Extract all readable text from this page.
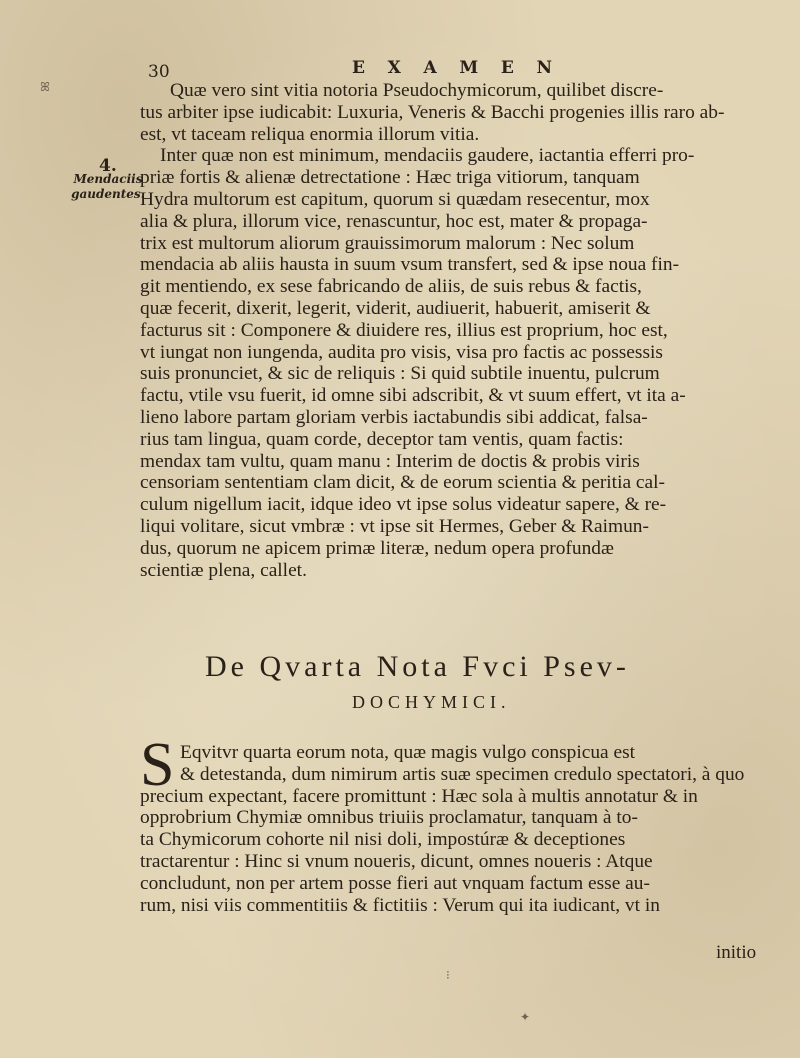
30	E X A M E N
4.
Mendaciis
gaudentes.
Quæ vero sint vitia notoria Pseudochymicorum, quilibet discre-
tus arbiter ipse iudicabit: Luxuria, Veneris & Bacchi progenies illis raro ab-
est, vt taceam reliqua enormia illorum vitia.
Inter quæ non est minimum, mendaciis gaudere, iactantia efferri pro-
priæ fortis & alienæ detrectatione : Hæc triga vitiorum, tanquam
Hydra multorum est capitum, quorum si quædam resecentur, mox
alia & plura, illorum vice, renascuntur, hoc est, mater & propaga-
trix est multorum aliorum grauissimorum malorum : Nec solum
mendacia ab aliis hausta in suum vsum transfert, sed & ipse noua fin-
git mentiendo, ex sese fabricando de aliis, de suis rebus & factis,
quæ fecerit, dixerit, legerit, viderit, audiuerit, habuerit, amiserit &
facturus sit : Componere & diuidere res, illius est proprium, hoc est,
vt iungat non iungenda, audita pro visis, visa pro factis ac possessis
suis pronunciet, & sic de reliquis : Si quid subtile inuentu, pulcrum
factu, vtile vsu fuerit, id omne sibi adscribit, & vt suum effert, vt ita a-
lieno labore partam gloriam verbis iactabundis sibi addicat, falsa-
rius tam lingua, quam corde, deceptor tam ventis, quam factis:
mendax tam vultu, quam manu : Interim de doctis & probis viris
censoriam sententiam clam dicit, & de eorum scientia & peritia cal-
culum nigellum iacit, idque ideo vt ipse solus videatur sapere, & re-
liqui volitare, sicut vmbræ : vt ipse sit Hermes, Geber & Raimun-
dus, quorum ne apicem primæ literæ, nedum opera profundæ
scientiæ plena, callet.
De Qvarta Nota Fvci Psev-
DOCHYMICI.
S Eqvitvr quarta eorum nota, quæ magis vulgo conspicua est
& detestanda, dum nimirum artis suæ specimen credulo spectatori, à quo
precium expectant, facere promittunt : Hæc sola à multis annotatur & in
opprobrium Chymiæ omnibus triuiis proclamatur, tanquam à to-
ta Chymicorum cohorte nil nisi doli, impostúræ & deceptiones
tractarentur : Hinc si vnum noueris, dicunt, omnes noueris : Atque
concludunt, non per artem posse fieri aut vnquam factum esse au-
rum, nisi viis commentitiis & fictitiis : Verum qui ita iudicant, vt in
initio
ꕤ
✦
⁝
